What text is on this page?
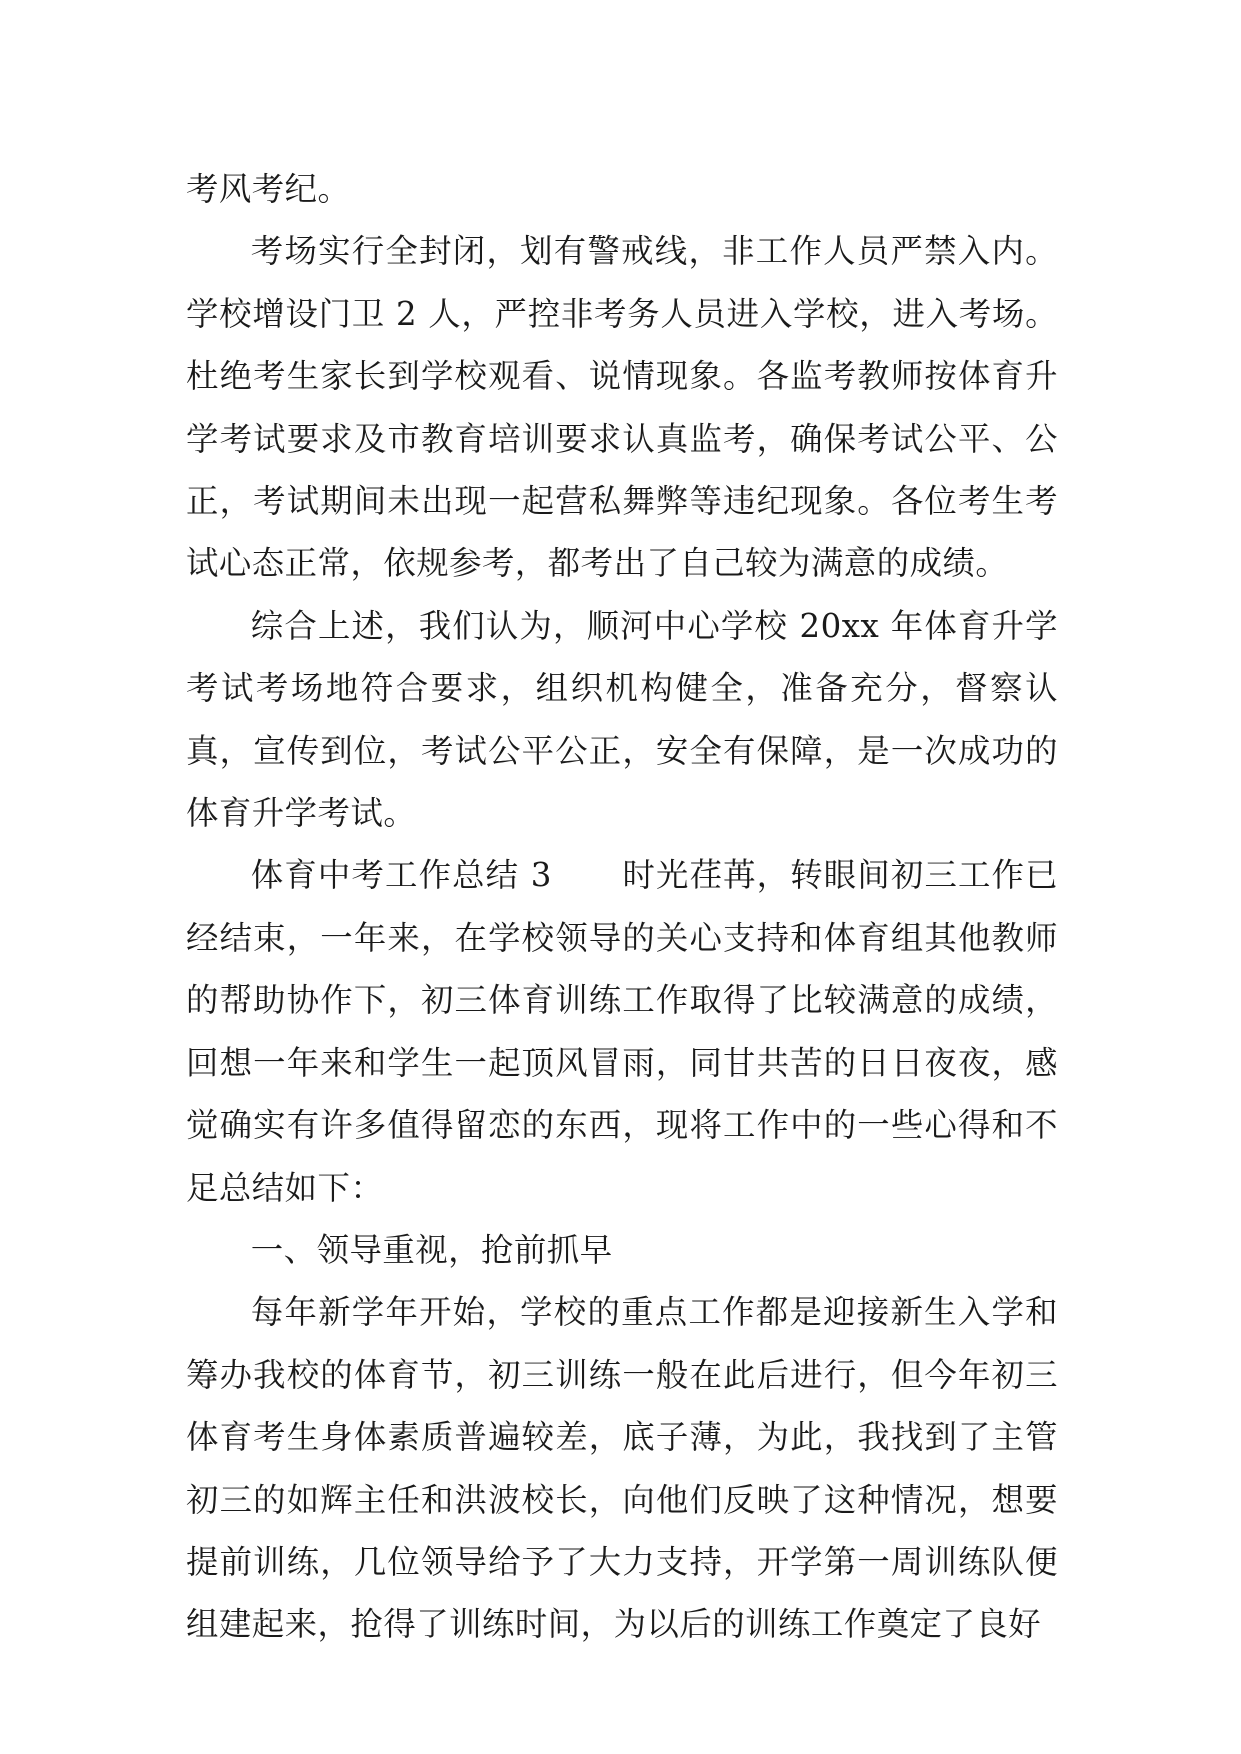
考风考纪。

考场实行全封闭，划有警戒线，非工作人员严禁入内。学校增设门卫 2 人，严控非考务人员进入学校，进入考场。杜绝考生家长到学校观看、说情现象。各监考教师按体育升学考试要求及市教育培训要求认真监考，确保考试公平、公正，考试期间未出现一起营私舞弊等违纪现象。各位考生考试心态正常，依规参考，都考出了自己较为满意的成绩。

综合上述，我们认为，顺河中心学校 20xx 年体育升学考试考场地符合要求，组织机构健全，准备充分，督察认真，宣传到位，考试公平公正，安全有保障，是一次成功的体育升学考试。

体育中考工作总结 3 时光荏苒，转眼间初三工作已经结束，一年来，在学校领导的关心支持和体育组其他教师的帮助协作下，初三体育训练工作取得了比较满意的成绩，回想一年来和学生一起顶风冒雨，同甘共苦的日日夜夜，感觉确实有许多值得留恋的东西，现将工作中的一些心得和不足总结如下：

一、领导重视，抢前抓早

每年新学年开始，学校的重点工作都是迎接新生入学和筹办我校的体育节，初三训练一般在此后进行，但今年初三体育考生身体素质普遍较差，底子薄，为此，我找到了主管初三的如辉主任和洪波校长，向他们反映了这种情况，想要提前训练，几位领导给予了大力支持，开学第一周训练队便组建起来，抢得了训练时间，为以后的训练工作奠定了良好
